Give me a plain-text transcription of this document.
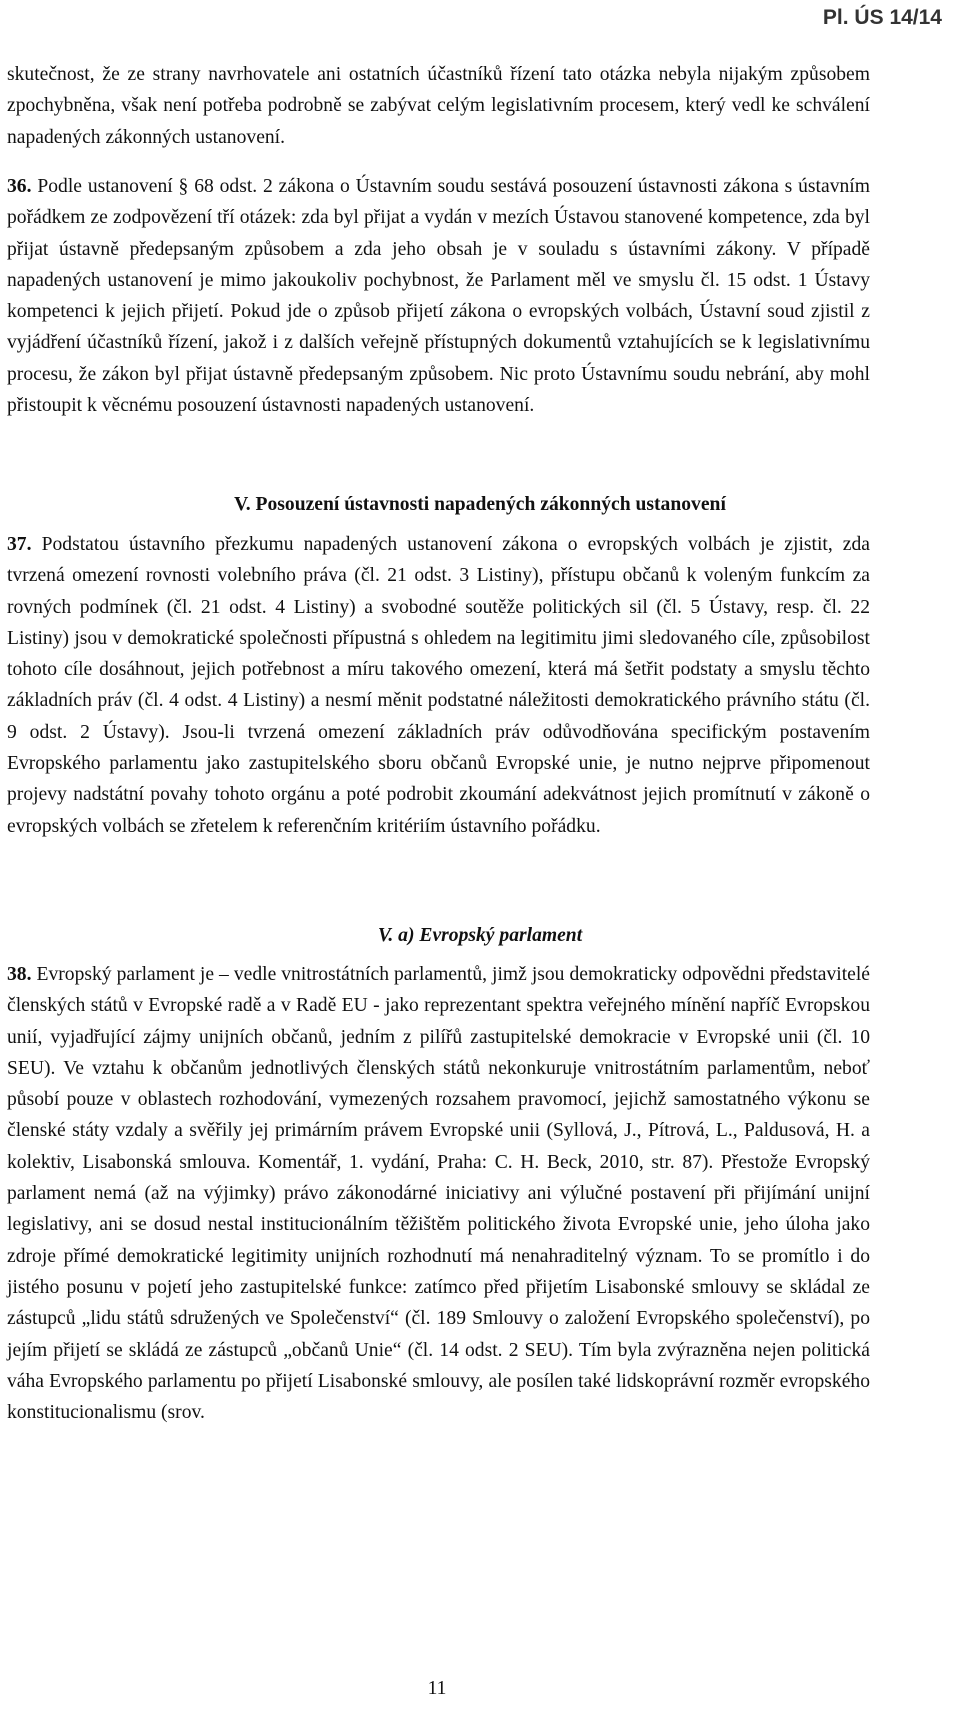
Pl. ÚS 14/14

skutečnost, že ze strany navrhovatele ani ostatních účastníků řízení tato otázka nebyla nijakým způsobem zpochybněna, však není potřeba podrobně se zabývat celým legislativním procesem, který vedl ke schválení napadených zákonných ustanovení.

36. Podle ustanovení § 68 odst. 2 zákona o Ústavním soudu sestává posouzení ústavnosti zákona s ústavním pořádkem ze zodpovězení tří otázek: zda byl přijat a vydán v mezích Ústavou stanovené kompetence, zda byl přijat ústavně předepsaným způsobem a zda jeho obsah je v souladu s ústavními zákony. V případě napadených ustanovení je mimo jakoukoliv pochybnost, že Parlament měl ve smyslu čl. 15 odst. 1 Ústavy kompetenci k jejich přijetí. Pokud jde o způsob přijetí zákona o evropských volbách, Ústavní soud zjistil z vyjádření účastníků řízení, jakož i z dalších veřejně přístupných dokumentů vztahujících se k legislativnímu procesu, že zákon byl přijat ústavně předepsaným způsobem. Nic proto Ústavnímu soudu nebrání, aby mohl přistoupit k věcnému posouzení ústavnosti napadených ustanovení.

V. Posouzení ústavnosti napadených zákonných ustanovení

37. Podstatou ústavního přezkumu napadených ustanovení zákona o evropských volbách je zjistit, zda tvrzená omezení rovnosti volebního práva (čl. 21 odst. 3 Listiny), přístupu občanů k voleným funkcím za rovných podmínek (čl. 21 odst. 4 Listiny) a svobodné soutěže politických sil (čl. 5 Ústavy, resp. čl. 22 Listiny) jsou v demokratické společnosti přípustná s ohledem na legitimitu jimi sledovaného cíle, způsobilost tohoto cíle dosáhnout, jejich potřebnost a míru takového omezení, která má šetřit podstaty a smyslu těchto základních práv (čl. 4 odst. 4 Listiny) a nesmí měnit podstatné náležitosti demokratického právního státu (čl. 9 odst. 2 Ústavy). Jsou-li tvrzená omezení základních práv odůvodňována specifickým postavením Evropského parlamentu jako zastupitelského sboru občanů Evropské unie, je nutno nejprve připomenout projevy nadstátní povahy tohoto orgánu a poté podrobit zkoumání adekvátnost jejich promítnutí v zákoně o evropských volbách se zřetelem k referenčním kritériím ústavního pořádku.

V. a) Evropský parlament

38. Evropský parlament je – vedle vnitrostátních parlamentů, jimž jsou demokraticky odpovědni představitelé členských států v Evropské radě a v Radě EU - jako reprezentant spektra veřejného mínění napříč Evropskou unií, vyjadřující zájmy unijních občanů, jedním z pilířů zastupitelské demokracie v Evropské unii (čl. 10 SEU). Ve vztahu k občanům jednotlivých členských států nekonkuruje vnitrostátním parlamentům, neboť působí pouze v oblastech rozhodování, vymezených rozsahem pravomocí, jejichž samostatného výkonu se členské státy vzdaly a svěřily jej primárním právem Evropské unii (Syllová, J., Pítrová, L., Paldusová, H. a kolektiv, Lisabonská smlouva. Komentář, 1. vydání, Praha: C. H. Beck, 2010, str. 87). Přestože Evropský parlament nemá (až na výjimky) právo zákonodárné iniciativy ani výlučné postavení při přijímání unijní legislativy, ani se dosud nestal institucionálním těžištěm politického života Evropské unie, jeho úloha jako zdroje přímé demokratické legitimity unijních rozhodnutí má nenahraditelný význam. To se promítlo i do jistého posunu v pojetí jeho zastupitelské funkce: zatímco před přijetím Lisabonské smlouvy se skládal ze zástupců „lidu států sdružených ve Společenství“ (čl. 189 Smlouvy o založení Evropského společenství), po jejím přijetí se skládá ze zástupců „občanů Unie“ (čl. 14 odst. 2 SEU). Tím byla zvýrazněna nejen politická váha Evropského parlamentu po přijetí Lisabonské smlouvy, ale posílen také lidskoprávní rozměr evropského konstitucionalismu (srov.

11
